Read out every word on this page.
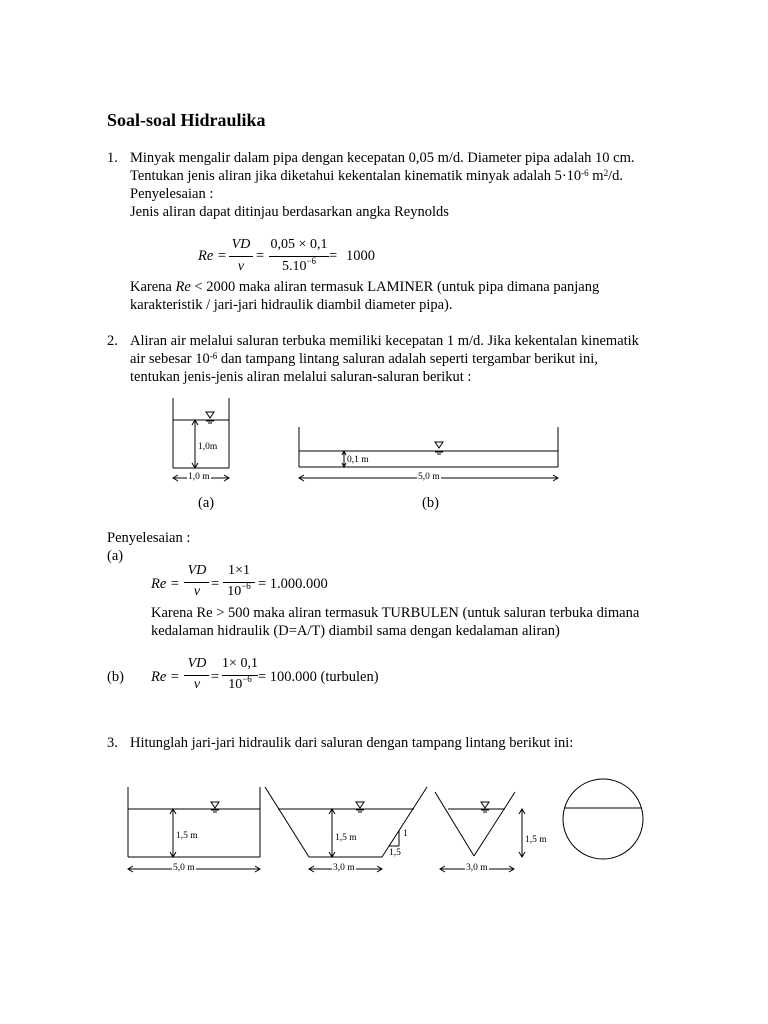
Soal-soal Hidraulika
1. Minyak mengalir dalam pipa dengan kecepatan 0,05 m/d. Diameter pipa adalah 10 cm.
Tentukan jenis aliran jika diketahui kekentalan kinematik minyak adalah $5\cdot 10^{-6}$ $m^2/d$.
Penyelesaian :
Jenis aliran dapat ditinjau berdasarkan angka Reynolds
Re =
VD
ν
=
0,05 × 0,1
$5.10^{-6} = 1000$
Karena Re < 2000 maka aliran termasuk LAMINER (untuk pipa dimana panjang
karakteristik / jari-jari hidraulik diambil diameter pipa).
2. Aliran air melalui saluran terbuka memiliki kecepatan 1 m/d. Jika kekentalan kinematik
air sebesar $10^{-6}$ dan tampang lintang saluran adalah seperti tergambar berikut ini,
tentukan jenis-jenis aliran melalui saluran-saluran berikut :
1,0m
1,0 m
(a)
0,1 m
5,0 m
(b)
Penyelesaian :
(a)
Re =
VD
ν =
1×1
$10^{-6} = 1.000.000$
Karena Re > 500 maka aliran termasuk TURBULEN (untuk saluran terbuka dimana
kedalaman hidraulik (D=A/T) diambil sama dengan kedalaman aliran)
(b) Re =
VD
ν =
1× 0,1
$10^{-6} = 100.000$ (turbulen)
3. Hitunglah jari-jari hidraulik dari saluran dengan tampang lintang berikut ini:
1,5 m
5,0 m
1,5 m	1
1,5
3,0 m
1,5 m
3,0 m
